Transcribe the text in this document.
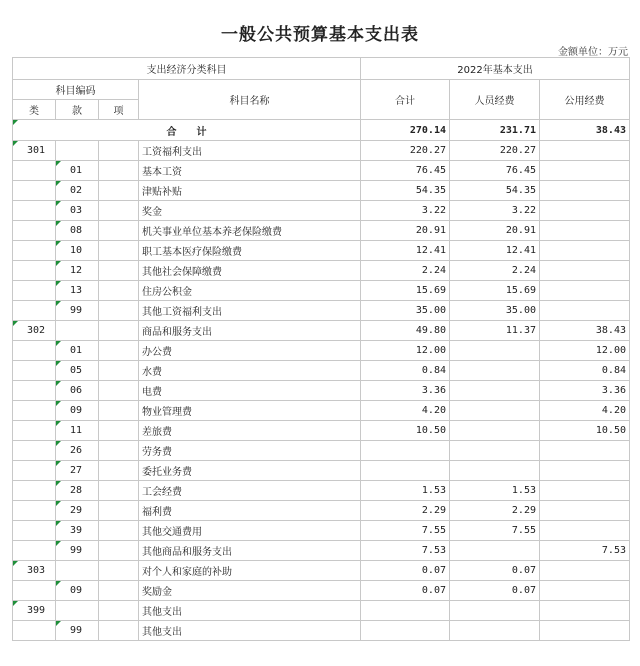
一般公共预算基本支出表
金额单位：万元
支出经济分类科目				2022年基本支出		
科目编码			科目名称	合计	人员经费	公用经费
类	款	项				
合　　计				270.14	231.71	38.43
301			工资福利支出	220.27	220.27	
	01		基本工资	76.45	76.45	
	02		津贴补贴	54.35	54.35	
	03		奖金	3.22	3.22	
	08		机关事业单位基本养老保险缴费	20.91	20.91	
	10		职工基本医疗保险缴费	12.41	12.41	
	12		其他社会保障缴费	2.24	2.24	
	13		住房公积金	15.69	15.69	
	99		其他工资福利支出	35.00	35.00	
302			商品和服务支出	49.80	11.37	38.43
	01		办公费	12.00		12.00
	05		水费	0.84		0.84
	06		电费	3.36		3.36
	09		物业管理费	4.20		4.20
	11		差旅费	10.50		10.50
	26		劳务费			
	27		委托业务费			
	28		工会经费	1.53	1.53	
	29		福利费	2.29	2.29	
	39		其他交通费用	7.55	7.55	
	99		其他商品和服务支出	7.53		7.53
303			对个人和家庭的补助	0.07	0.07	
	09		奖励金	0.07	0.07	
399			其他支出			
	99		其他支出			
